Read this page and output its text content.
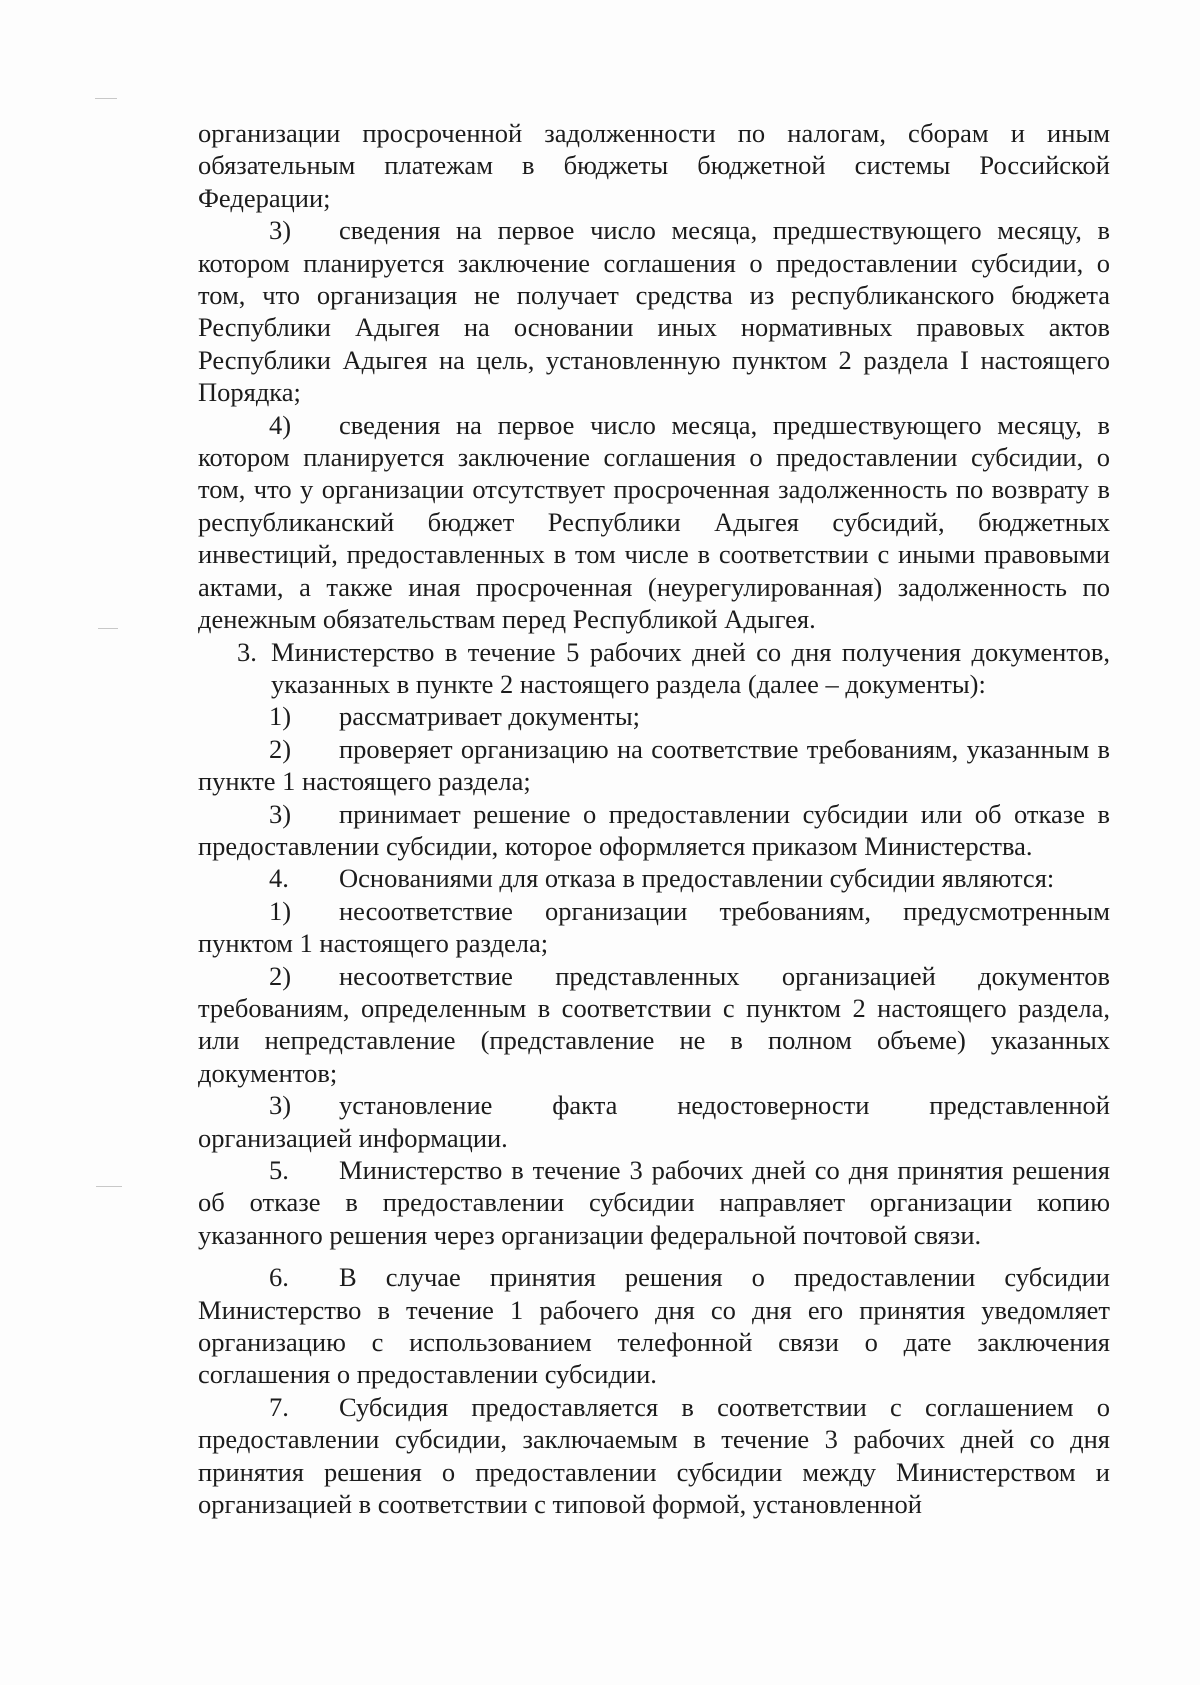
организации просроченной задолженности по налогам, сборам и иным обязательным платежам в бюджеты бюджетной системы Российской Федерации;

3) сведения на первое число месяца, предшествующего месяцу, в котором планируется заключение соглашения о предоставлении субсидии, о том, что организация не получает средства из республиканского бюджета Республики Адыгея на основании иных нормативных правовых актов Республики Адыгея на цель, установленную пунктом 2 раздела I настоящего Порядка;

4) сведения на первое число месяца, предшествующего месяцу, в котором планируется заключение соглашения о предоставлении субсидии, о том, что у организации отсутствует просроченная задолженность по возврату в республиканский бюджет Республики Адыгея субсидий, бюджетных инвестиций, предоставленных в том числе в соответствии с иными правовыми актами, а также иная просроченная (неурегулированная) задолженность по денежным обязательствам перед Республикой Адыгея.

3. Министерство в течение 5 рабочих дней со дня получения документов, указанных в пункте 2 настоящего раздела (далее – документы):

1) рассматривает документы;

2) проверяет организацию на соответствие требованиям, указанным в пункте 1 настоящего раздела;

3) принимает решение о предоставлении субсидии или об отказе в предоставлении субсидии, которое оформляется приказом Министерства.

4. Основаниями для отказа в предоставлении субсидии являются:

1) несоответствие организации требованиям, предусмотренным пунктом 1 настоящего раздела;

2) несоответствие представленных организацией документов требованиям, определенным в соответствии с пунктом 2 настоящего раздела, или непредставление (представление не в полном объеме) указанных документов;

3) установление факта недостоверности представленной организацией информации.

5. Министерство в течение 3 рабочих дней со дня принятия решения об отказе в предоставлении субсидии направляет организации копию указанного решения через организации федеральной почтовой связи.

6. В случае принятия решения о предоставлении субсидии Министерство в течение 1 рабочего дня со дня его принятия уведомляет организацию с использованием телефонной связи о дате заключения соглашения о предоставлении субсидии.

7. Субсидия предоставляется в соответствии с соглашением о предоставлении субсидии, заключаемым в течение 3 рабочих дней со дня принятия решения о предоставлении субсидии между Министерством и организацией в соответствии с типовой формой, установленной
